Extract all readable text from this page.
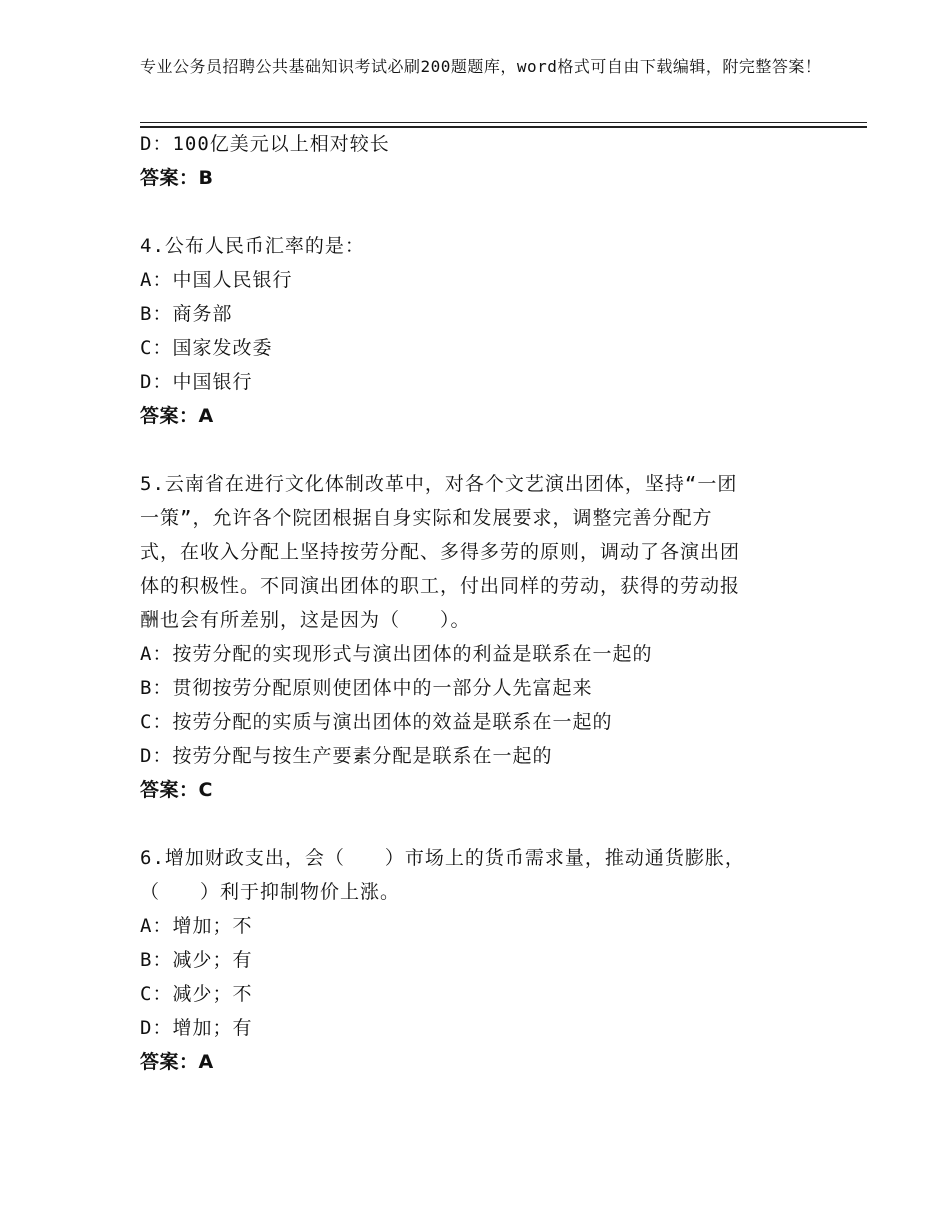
专业公务员招聘公共基础知识考试必刷200题题库，word格式可自由下载编辑，附完整答案！
D：100亿美元以上相对较长
答案：B
4.公布人民币汇率的是：
A：中国人民银行
B：商务部
C：国家发改委
D：中国银行
答案：A
5.云南省在进行文化体制改革中，对各个文艺演出团体，坚持“一团
一策”，允许各个院团根据自身实际和发展要求，调整完善分配方
式，在收入分配上坚持按劳分配、多得多劳的原则，调动了各演出团
体的积极性。不同演出团体的职工，付出同样的劳动，获得的劳动报
酬也会有所差别，这是因为（　　）。
A：按劳分配的实现形式与演出团体的利益是联系在一起的
B：贯彻按劳分配原则使团体中的一部分人先富起来
C：按劳分配的实质与演出团体的效益是联系在一起的
D：按劳分配与按生产要素分配是联系在一起的
答案：C
6.增加财政支出，会（　　）市场上的货币需求量，推动通货膨胀，
（　　）利于抑制物价上涨。
A：增加；不
B：减少；有
C：减少；不
D：增加；有
答案：A
